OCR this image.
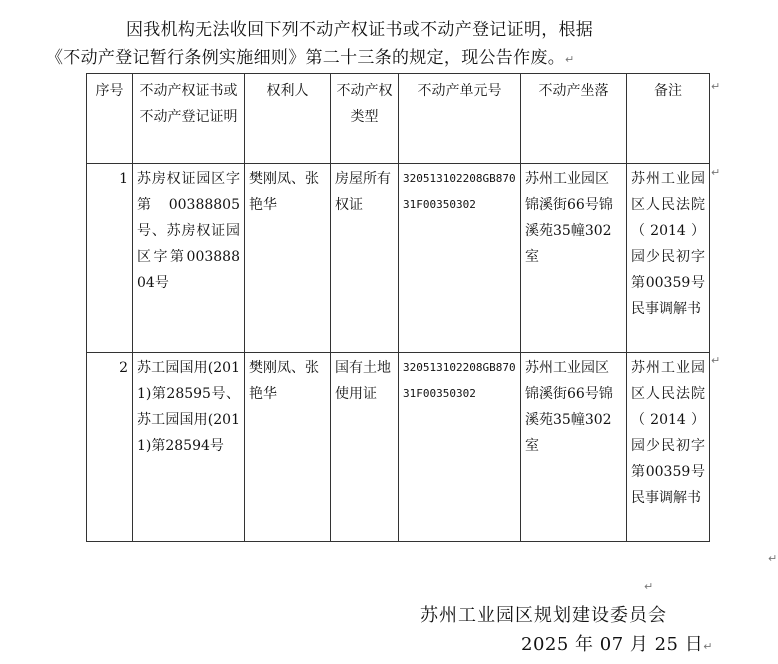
因我机构无法收回下列不动产权证书或不动产登记证明，根据
《不动产登记暂行条例实施细则》第二十三条的规定，现公告作废。↵
序号	不动产权证书或不动产登记证明	权利人	不动产权类型	不动产单元号	不动产坐落	备注
1	苏房权证园区字第00388805号、苏房权证园区字第00388804号	樊刚凤、张艳华	房屋所有权证	320513102208GB87031F00350302	苏州工业园区锦溪街66号锦溪苑35幢302室	苏州工业园区人民法院（2014）园少民初字第00359号民事调解书
2	苏工园国用(2011)第28595号、苏工园国用(2011)第28594号	樊刚凤、张艳华	国有土地使用证	320513102208GB87031F00350302	苏州工业园区锦溪街66号锦溪苑35幢302室	苏州工业园区人民法院（2014）园少民初字第00359号民事调解书
↵
↵
↵
↵
↵
苏州工业园区规划建设委员会
2025 年 07 月 25 日↵
